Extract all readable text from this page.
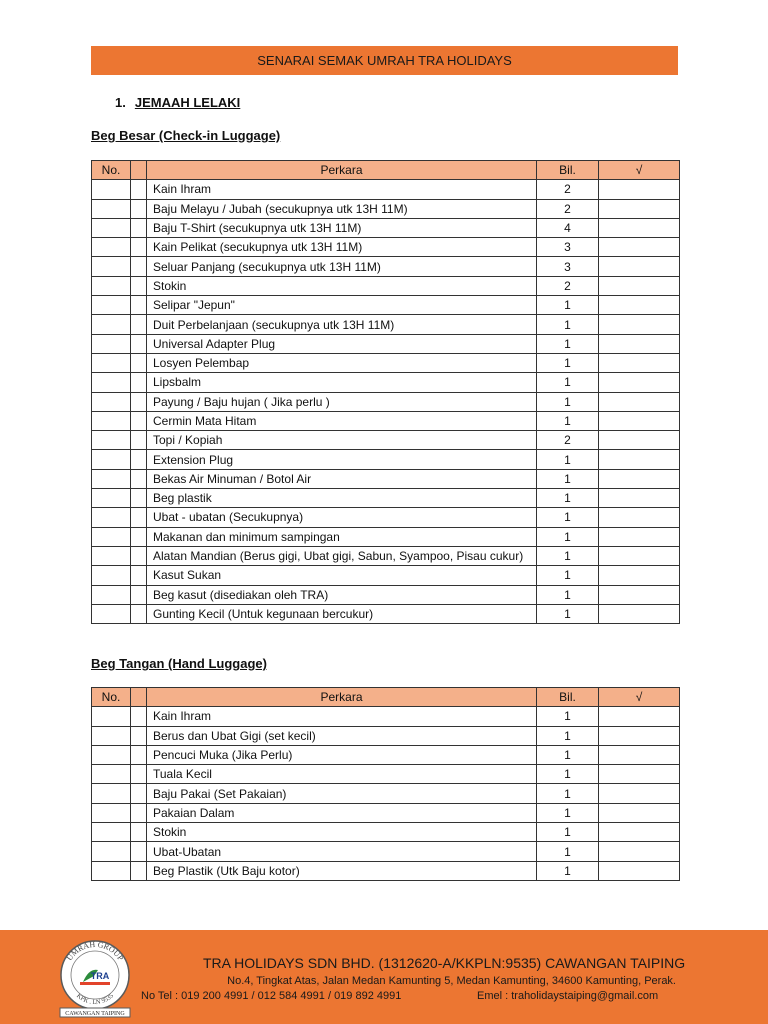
SENARAI SEMAK UMRAH TRA HOLIDAYS
1. JEMAAH LELAKI
Beg Besar (Check-in Luggage)
No.		Perkara	Bil.	√
		Kain Ihram	2	
		Baju Melayu / Jubah (secukupnya utk 13H 11M)	2	
		Baju T-Shirt (secukupnya utk 13H 11M)	4	
		Kain Pelikat (secukupnya utk 13H 11M)	3	
		Seluar Panjang (secukupnya utk 13H 11M)	3	
		Stokin	2	
		Selipar "Jepun"	1	
		Duit Perbelanjaan (secukupnya utk 13H 11M)	1	
		Universal Adapter Plug	1	
		Losyen Pelembap	1	
		Lipsbalm	1	
		Payung / Baju hujan ( Jika perlu )	1	
		Cermin Mata Hitam	1	
		Topi / Kopiah	2	
		Extension Plug	1	
		Bekas Air Minuman / Botol Air	1	
		Beg plastik	1	
		Ubat - ubatan (Secukupnya)	1	
		Makanan dan minimum sampingan	1	
		Alatan Mandian (Berus gigi, Ubat gigi, Sabun, Syampoo, Pisau cukur)	1	
		Kasut Sukan	1	
		Beg kasut (disediakan oleh TRA)	1	
		Gunting Kecil (Untuk kegunaan bercukur)	1	
Beg Tangan (Hand Luggage)
No.		Perkara	Bil.	√
		Kain Ihram	1	
		Berus dan Ubat Gigi (set kecil)	1	
		Pencuci Muka (Jika Perlu)	1	
		Tuala Kecil	1	
		Baju Pakai (Set Pakaian)	1	
		Pakaian Dalam	1	
		Stokin	1	
		Ubat-Ubatan	1	
		Beg Plastik (Utk Baju kotor)	1	
UMRAH GROUP
KPK . LN 9535
TRA
CAWANGAN TAIPING
TRA HOLIDAYS SDN BHD. (1312620-A/KKPLN:9535) CAWANGAN TAIPING
No.4, Tingkat Atas, Jalan Medan Kamunting 5, Medan Kamunting, 34600 Kamunting, Perak.
No Tel : 019 200 4991 / 012 584 4991 / 019 892 4991	Emel : traholidaystaiping@gmail.com
